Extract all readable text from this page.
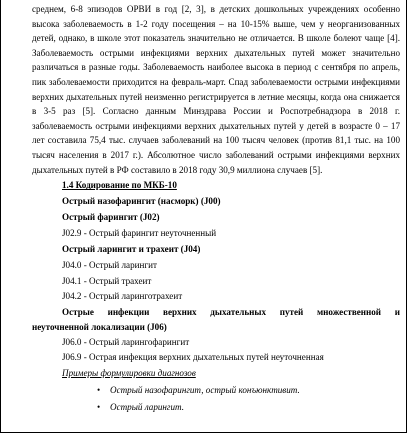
среднем, 6-8 эпизодов ОРВИ в год [2, 3], в детских дошкольных учреждениях особенно высока заболеваемость в 1-2 году посещения – на 10-15% выше, чем у неорганизованных детей, однако, в школе этот показатель значительно не отличается. В школе болеют чаще [4]. Заболеваемость острыми инфекциями верхних дыхательных путей может значительно различаться в разные годы. Заболеваемость наиболее высока в период с сентября по апрель, пик заболеваемости приходится на февраль-март. Спад заболеваемости острыми инфекциями верхних дыхательных путей неизменно регистрируется в летние месяцы, когда она снижается в 3-5 раз [5]. Согласно данным Минздрава России и Роспотребнадзора в 2018 г. заболеваемость острыми инфекциями верхних дыхательных путей у детей в возрасте 0 – 17 лет составила 75,4 тыс. случаев заболеваний на 100 тысяч человек (против 81,1 тыс. на 100 тысяч населения в 2017 г.). Абсолютное число заболеваний острыми инфекциями верхних дыхательных путей в РФ составило в 2018 году 30,9 миллиона случаев [5].

1.4 Кодирование по МКБ-10

Острый назофарингит (насморк) (J00)

Острый фарингит (J02)

J02.9 - Острый фарингит неуточненный

Острый ларингит и трахеит (J04)

J04.0 - Острый ларингит

J04.1 - Острый трахеит

J04.2 - Острый ларинготрахеит

Острые инфекции верхних дыхательных путей множественной и
неуточненной локализации (J06)

J06.0 - Острый ларингофарингит

J06.9 - Острая инфекция верхних дыхательных путей неуточненная

Примеры формулировки диагнозов

• Острый назофарингит, острый конъюнктивит.
• Острый ларингит.
